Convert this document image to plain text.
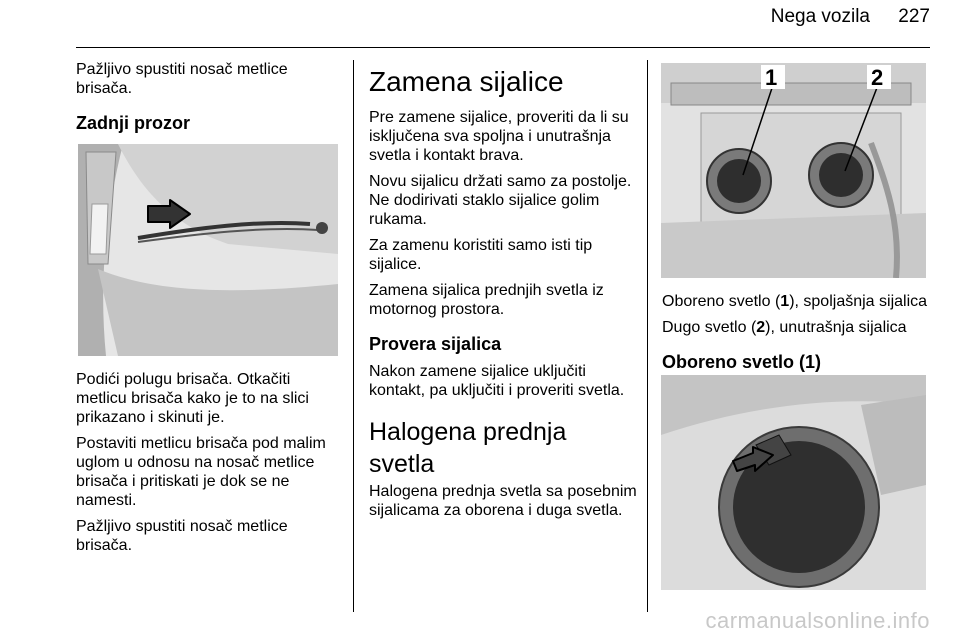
Nega vozila 227

Pažljivo spustiti nosač metlice brisača.

Zadnji prozor

Podići polugu brisača. Otkačiti metlicu brisača kako je to na slici prikazano i skinuti je.

Postaviti metlicu brisača pod malim uglom u odnosu na nosač metlice brisača i pritiskati je dok se ne namesti.

Pažljivo spustiti nosač metlice brisača.

Zamena sijalice

Pre zamene sijalice, proveriti da li su isključena sva spoljna i unutrašnja svetla i kontakt brava.

Novu sijalicu držati samo za postolje. Ne dodirivati staklo sijalice golim rukama.

Za zamenu koristiti samo isti tip sijalice.

Zamena sijalica prednjih svetla iz motornog prostora.

Provera sijalica

Nakon zamene sijalice uključiti kontakt, pa uključiti i proveriti svetla.

Halogena prednja svetla

Halogena prednja svetla sa posebnim sijalicama za oborena i duga svetla.

1	2

Oboreno svetlo (1), spoljašnja sijalica

Dugo svetlo (2), unutrašnja sijalica

Oboreno svetlo (1)
carmanualsonline.info
